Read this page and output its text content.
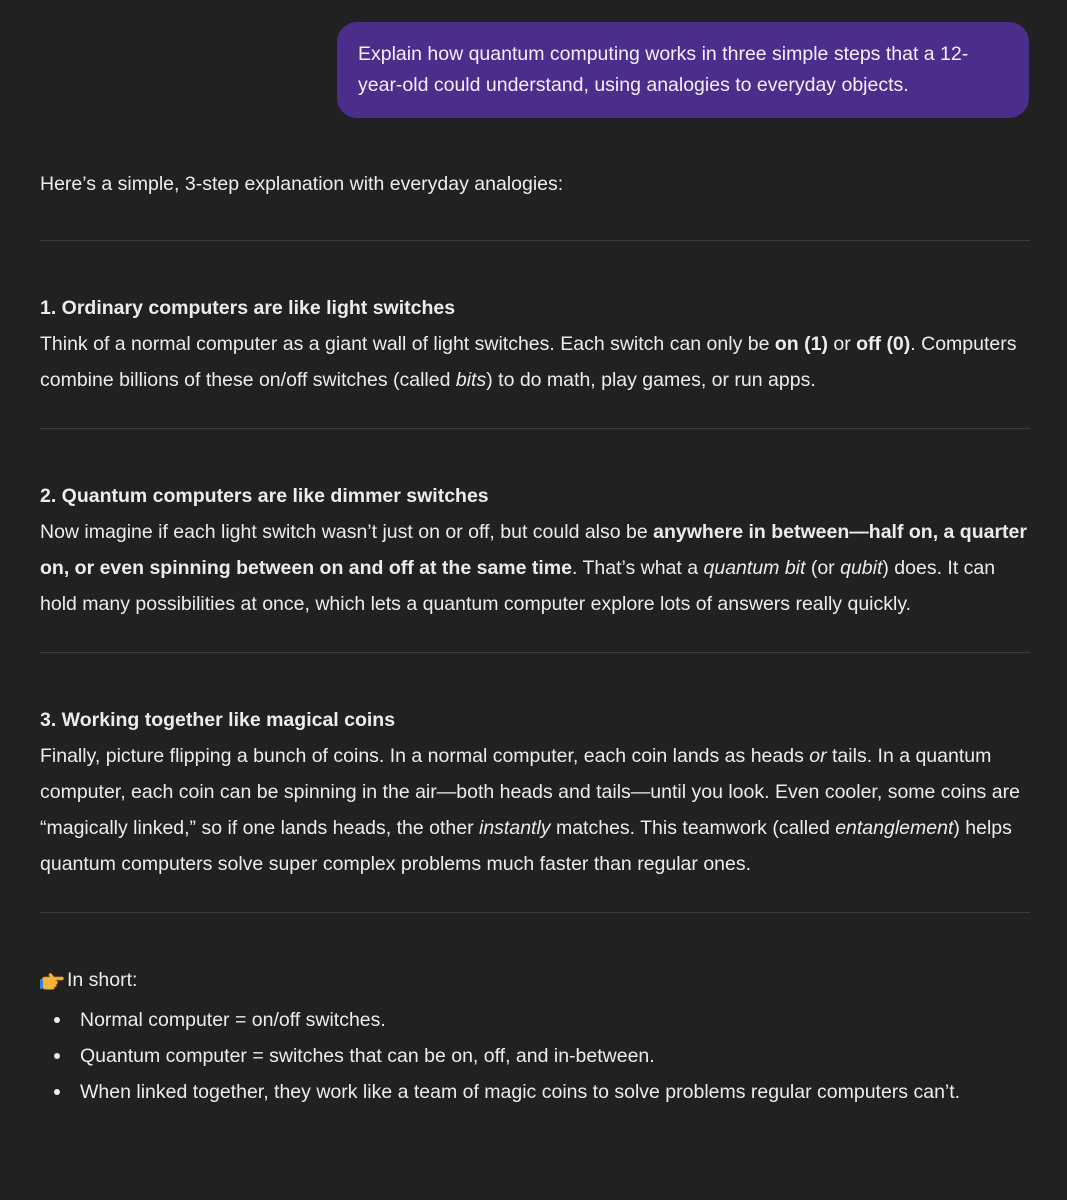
Explain how quantum computing works in three simple steps that a 12-year-old could understand, using analogies to everyday objects.

Here’s a simple, 3-step explanation with everyday analogies:

1. Ordinary computers are like light switches

Think of a normal computer as a giant wall of light switches. Each switch can only be on (1) or off (0). Computers combine billions of these on/off switches (called bits) to do math, play games, or run apps.

2. Quantum computers are like dimmer switches

Now imagine if each light switch wasn’t just on or off, but could also be anywhere in between—half on, a quarter on, or even spinning between on and off at the same time. That’s what a quantum bit (or qubit) does. It can hold many possibilities at once, which lets a quantum computer explore lots of answers really quickly.

3. Working together like magical coins

Finally, picture flipping a bunch of coins. In a normal computer, each coin lands as heads or tails. In a quantum computer, each coin can be spinning in the air—both heads and tails—until you look. Even cooler, some coins are “magically linked,” so if one lands heads, the other instantly matches. This teamwork (called entanglement) helps quantum computers solve super complex problems much faster than regular ones.

In short:

Normal computer = on/off switches.
Quantum computer = switches that can be on, off, and in-between.
When linked together, they work like a team of magic coins to solve problems regular computers can’t.
